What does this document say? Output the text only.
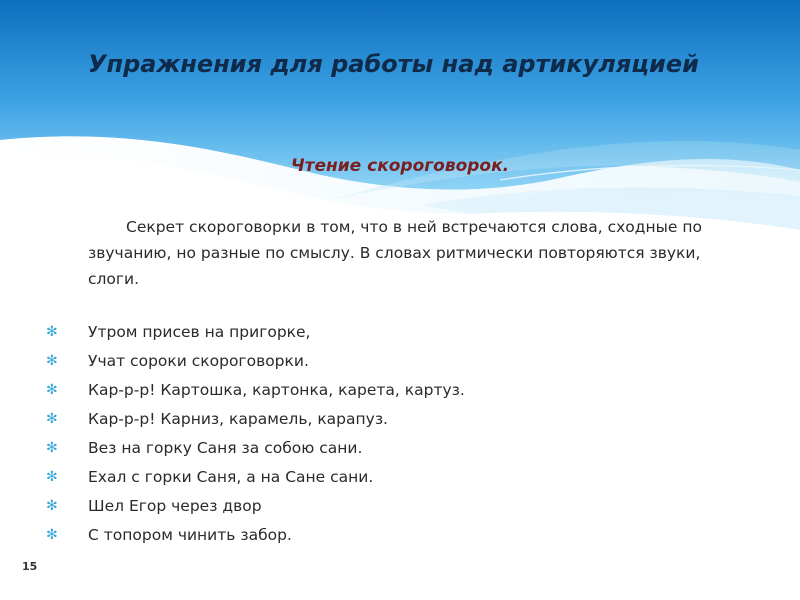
Упражнения для работы над артикуляцией
Чтение скороговорок.
Секрет скороговорки в том, что в ней встречаются слова, сходные по звучанию, но разные по смыслу. В словах ритмически повторяются звуки, слоги.
✻ Утром присев на пригорке,
✻ Учат сороки скороговорки.
✻ Кар-р-р! Картошка, картонка, карета, картуз.
✻ Кар-р-р! Карниз, карамель, карапуз.
✻ Вез на горку Саня за собою сани.
✻ Ехал с горки Саня, а на Сане сани.
✻ Шел Егор через двор
✻ С топором чинить забор.
15
